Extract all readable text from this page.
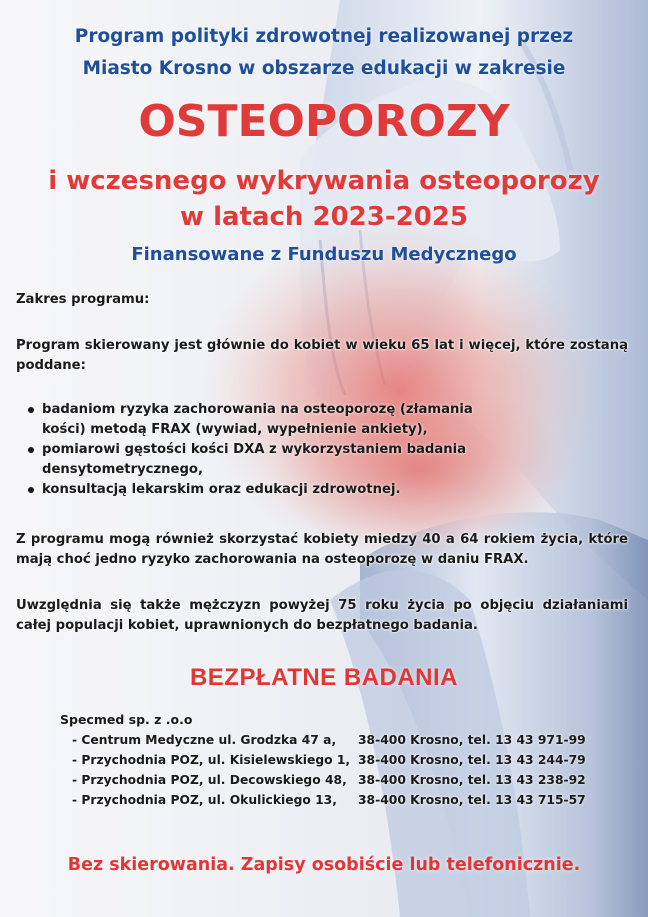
Program polityki zdrowotnej realizowanej przez
Miasto Krosno w obszarze edukacji w zakresie
OSTEOPOROZY
i wczesnego wykrywania osteoporozy
w latach 2023-2025
Finansowane z Funduszu Medycznego
Zakres programu:
Program skierowany jest głównie do kobiet w wieku 65 lat i więcej, które zostaną poddane:
badaniom ryzyka zachorowania na osteoporozę (złamania kości) metodą FRAX (wywiad, wypełnienie ankiety),
pomiarowi gęstości kości DXA z wykorzystaniem badania densytometrycznego,
konsultacją lekarskim oraz edukacji zdrowotnej.
Z programu mogą również skorzystać kobiety miedzy 40 a 64 rokiem życia, które mają choć jedno ryzyko zachorowania na osteoporozę w daniu FRAX.
Uwzględnia się także mężczyzn powyżej 75 roku życia po objęciu działaniami całej populacji kobiet, uprawnionych do bezpłatnego badania.
BEZPŁATNE BADANIA
Specmed sp. z .o.o
- Centrum Medyczne ul. Grodzka 47 a, 38-400 Krosno, tel. 13 43 971-99
- Przychodnia POZ, ul. Kisielewskiego 1, 38-400 Krosno, tel. 13 43 244-79
- Przychodnia POZ, ul. Decowskiego 48, 38-400 Krosno, tel. 13 43 238-92
- Przychodnia POZ, ul. Okulickiego 13, 38-400 Krosno, tel. 13 43 715-57
Bez skierowania. Zapisy osobiście lub telefonicznie.
